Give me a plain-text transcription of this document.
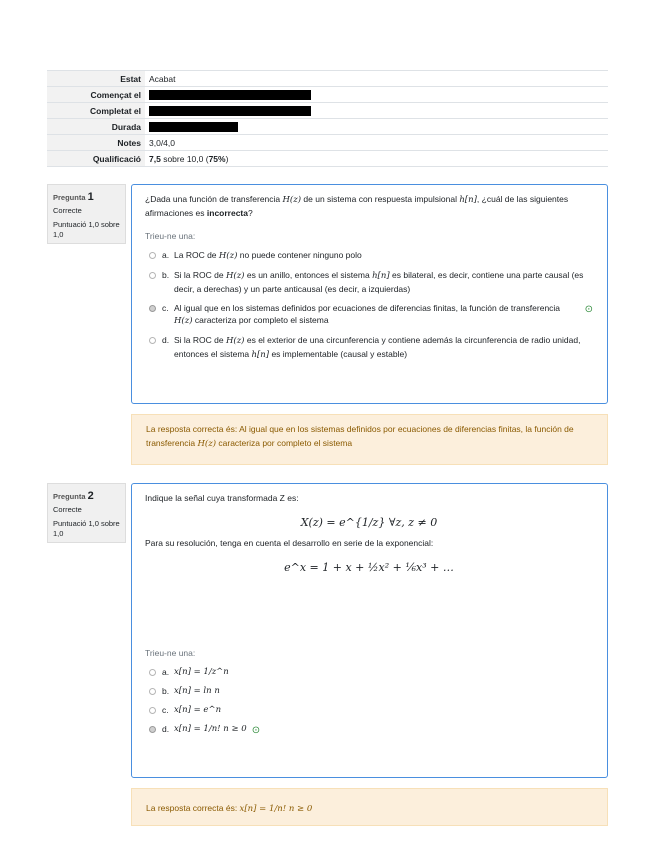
Estat	Acabat
Començat el	
Completat el	
Durada	
Notes	3,0/4,0
Qualificació	7,5 sobre 10,0 (75%)
Pregunta 1
Correcte
Puntuació 1,0 sobre 1,0
¿Dada una función de transferencia H(z) de un sistema con respuesta impulsional h[n], ¿cuál de las siguientes afirmaciones es incorrecta?
Trieu-ne una:
a. La ROC de H(z) no puede contener ninguno polo
b. Si la ROC de H(z) es un anillo, entonces el sistema h[n] es bilateral, es decir, contiene una parte causal (es decir, a derechas) y un parte anticausal (es decir, a izquierdas)
c. Al igual que en los sistemas definidos por ecuaciones de diferencias finitas, la función de transferencia H(z) caracteriza por completo el sistema
⊙
d. Si la ROC de H(z) es el exterior de una circunferencia y contiene además la circunferencia de radio unidad, entonces el sistema h[n] es implementable (causal y estable)
La resposta correcta és: Al igual que en los sistemas definidos por ecuaciones de diferencias finitas, la función de transferencia H(z) caracteriza por completo el sistema
Pregunta 2
Correcte
Puntuació 1,0 sobre 1,0
Indique la señal cuya transformada Z es:
X(z) = e^{1/z} ∀z, z ≠ 0
Para su resolución, tenga en cuenta el desarrollo en serie de la exponencial:
e^x = 1 + x + ½x² + ⅙x³ + …
Trieu-ne una:
a. x[n] = 1/z^n
b. x[n] = ln n
c. x[n] = e^n
d. x[n] = 1/n! n ≥ 0 ⊙
La resposta correcta és: x[n] = 1/n! n ≥ 0
